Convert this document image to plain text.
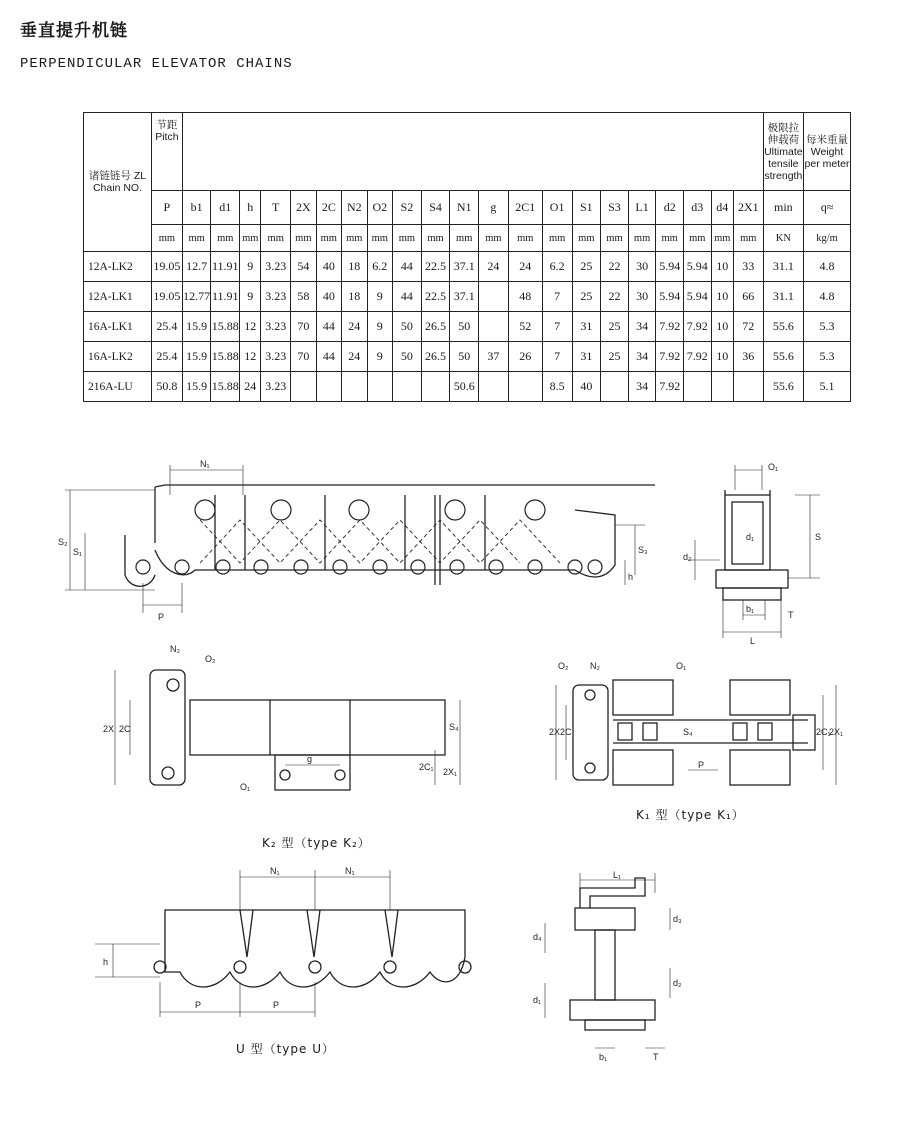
垂直提升机链
PERPENDICULAR ELEVATOR CHAINS
诸链链号 ZL Chain NO.	节距 Pitch																						极限拉伸载荷 Ultimate tensile strength	每米重量 Weight per meter
	P	b1	d1	h	T	2X	2C	N2	O2	S2	S4	N1	g	2C1	O1	S1	S3	L1	d2	d3	d4	2X1	min	q≈
	mm	mm	mm	mm	mm	mm	mm	mm	mm	mm	mm	mm	mm	mm	mm	mm	mm	mm	mm	mm	mm	mm	KN	kg/m
12A-LK2	19.05	12.7	11.91	9	3.23	54	40	18	6.2	44	22.5	37.1	24	24	6.2	25	22	30	5.94	5.94	10	33	31.1	4.8
12A-LK1	19.05	12.77	11.91	9	3.23	58	40	18	9	44	22.5	37.1		48	7	25	22	30	5.94	5.94	10	66	31.1	4.8
16A-LK1	25.4	15.9	15.88	12	3.23	70	44	24	9	50	26.5	50		52	7	31	25	34	7.92	7.92	10	72	55.6	5.3
16A-LK2	25.4	15.9	15.88	12	3.23	70	44	24	9	50	26.5	50	37	26	7	31	25	34	7.92	7.92	10	36	55.6	5.3
216A-LU	50.8	15.9	15.88	24	3.23							50.6			8.5	40		34	7.92				55.6	5.1
S₂
S₁
N₁
P
S₃
h
O₁
S
d₂
d₁
b₁
L
T
N₂
O₂
2X 2C	S₄
2C₁ 2X₁
g
O₁
K₂ 型（type K₂）
O₂ N₂	O₁
2X 2C	S₄
P
2C₁
2X₁
K₁ 型（type K₁）
N₁	N₁
h
P	P
U 型（type U）
L₁
d₃
d₄
d₂
d₁
b₁	T
